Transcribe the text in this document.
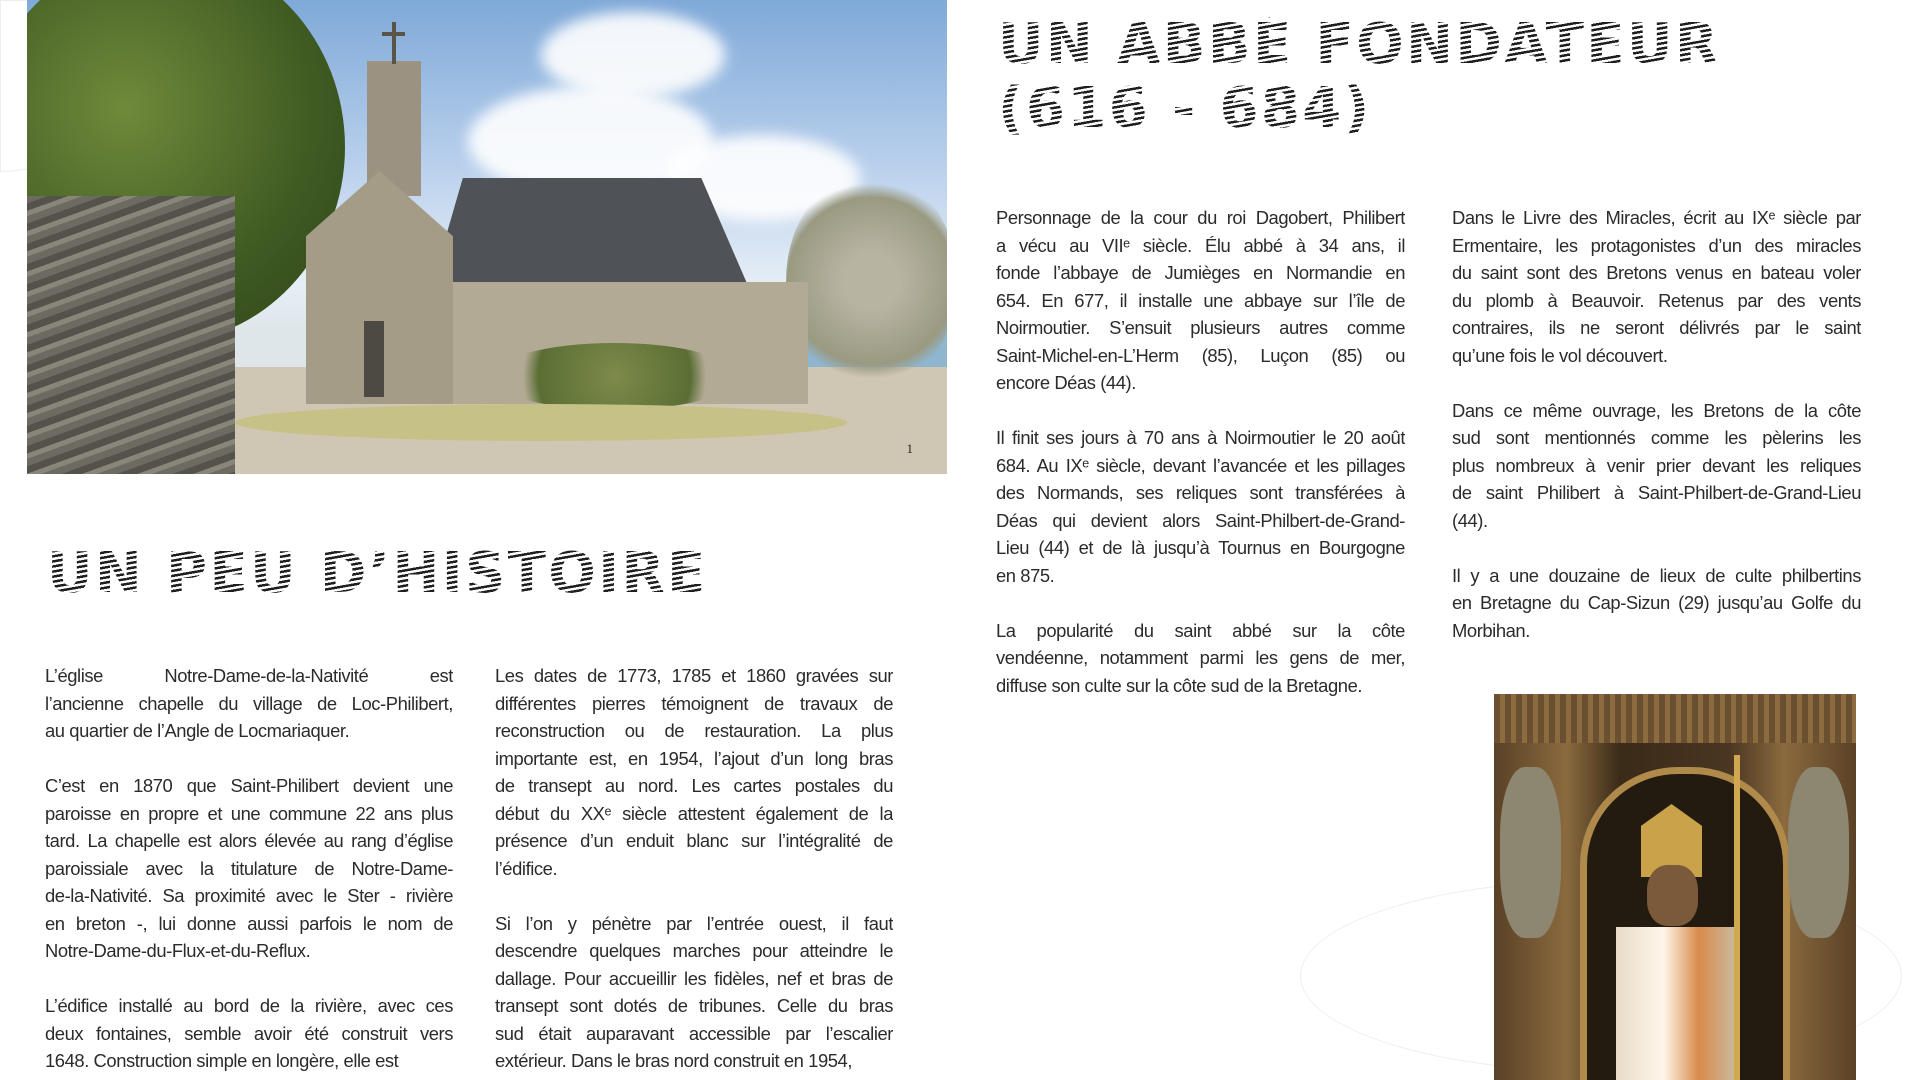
1
UN PEU D’HISTOIRE
UN ABBÉ FONDATEUR
(616 - 684)
L’église Notre-Dame-de-la-Nativité est
l’ancienne chapelle du village de Loc-Philibert,
au quartier de l’Angle de Locmariaquer.
C’est en 1870 que Saint-Philibert devient une
paroisse en propre et une commune 22 ans plus
tard. La chapelle est alors élevée au rang d’église
paroissiale avec la titulature de Notre-Dame-
de-la-Nativité. Sa proximité avec le Ster - rivière
en breton -, lui donne aussi parfois le nom de
Notre-Dame-du-Flux-et-du-Reflux.
L’édifice installé au bord de la rivière, avec ces
deux fontaines, semble avoir été construit vers
1648. Construction simple en longère, elle est
Les dates de 1773, 1785 et 1860 gravées sur
différentes pierres témoignent de travaux de
reconstruction ou de restauration. La plus
importante est, en 1954, l’ajout d’un long bras
de transept au nord. Les cartes postales du
début du XXᵉ siècle attestent également de la
présence d’un enduit blanc sur l’intégralité de
l’édifice.
Si l’on y pénètre par l’entrée ouest, il faut
descendre quelques marches pour atteindre le
dallage. Pour accueillir les fidèles, nef et bras de
transept sont dotés de tribunes. Celle du bras
sud était auparavant accessible par l’escalier
extérieur. Dans le bras nord construit en 1954,
Personnage de la cour du roi Dagobert, Philibert
a vécu au VIIᵉ siècle. Élu abbé à 34 ans, il
fonde l’abbaye de Jumièges en Normandie en
654. En 677, il installe une abbaye sur l’île de
Noirmoutier. S’ensuit plusieurs autres comme
Saint-Michel-en-L’Herm (85), Luçon (85) ou
encore Déas (44).
Il finit ses jours à 70 ans à Noirmoutier le 20 août
684. Au IXᵉ siècle, devant l’avancée et les pillages
des Normands, ses reliques sont transférées à
Déas qui devient alors Saint-Philbert-de-Grand-
Lieu (44) et de là jusqu’à Tournus en Bourgogne
en 875.
La popularité du saint abbé sur la côte
vendéenne, notamment parmi les gens de mer,
diffuse son culte sur la côte sud de la Bretagne.
Dans le Livre des Miracles, écrit au IXᵉ siècle par
Ermentaire, les protagonistes d’un des miracles
du saint sont des Bretons venus en bateau voler
du plomb à Beauvoir. Retenus par des vents
contraires, ils ne seront délivrés par le saint
qu’une fois le vol découvert.
Dans ce même ouvrage, les Bretons de la côte
sud sont mentionnés comme les pèlerins les
plus nombreux à venir prier devant les reliques
de saint Philibert à Saint-Philbert-de-Grand-Lieu
(44).
Il y a une douzaine de lieux de culte philbertins
en Bretagne du Cap-Sizun (29) jusqu’au Golfe du
Morbihan.
